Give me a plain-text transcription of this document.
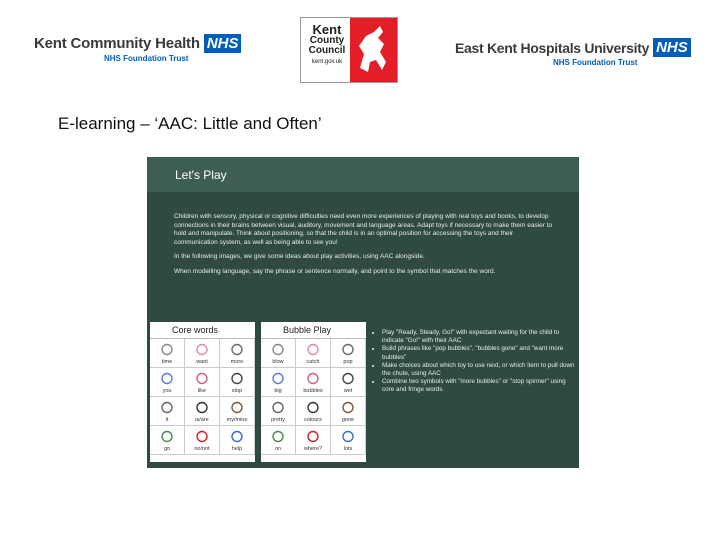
Kent Community Health NHS
NHS Foundation Trust
Kent
County
Council
kent.gov.uk
East Kent Hospitals University NHS
NHS Foundation Trust
E-learning – ‘AAC: Little and Often’
Let's Play

Children with sensory, physical or cognitive difficulties need even more experiences of playing with real toys and books, to develop connections in their brains between visual, auditory, movement and language areas. Adapt toys if necessary to make them easier to hold and manipulate. Think about positioning, so that the child is in an optimal position for accessing the toys and their communication system, as well as being able to see you!

In the following images, we give some ideas about play activities, using AAC alongside.

When modelling language, say the phrase or sentence normally, and point to the symbol that matches the word.

Core words
time	want	more
you	like	stop
it	is/are	my/mine
go	no/not	help
Bubble Play
blow	catch	pop
big	bubbles	wet
pretty	colours	gone
on	where?	lots
• Play "Ready, Steady, Go!" with expectant waiting for the child to indicate "Go!" with their AAC
• Build phrases like "pop bubbles", "bubbles gone" and "want more bubbles"
• Make choices about which toy to use next, or which item to pull down the chute, using AAC
• Combine two symbols with "more bubbles" or "stop spinner" using core and fringe words
